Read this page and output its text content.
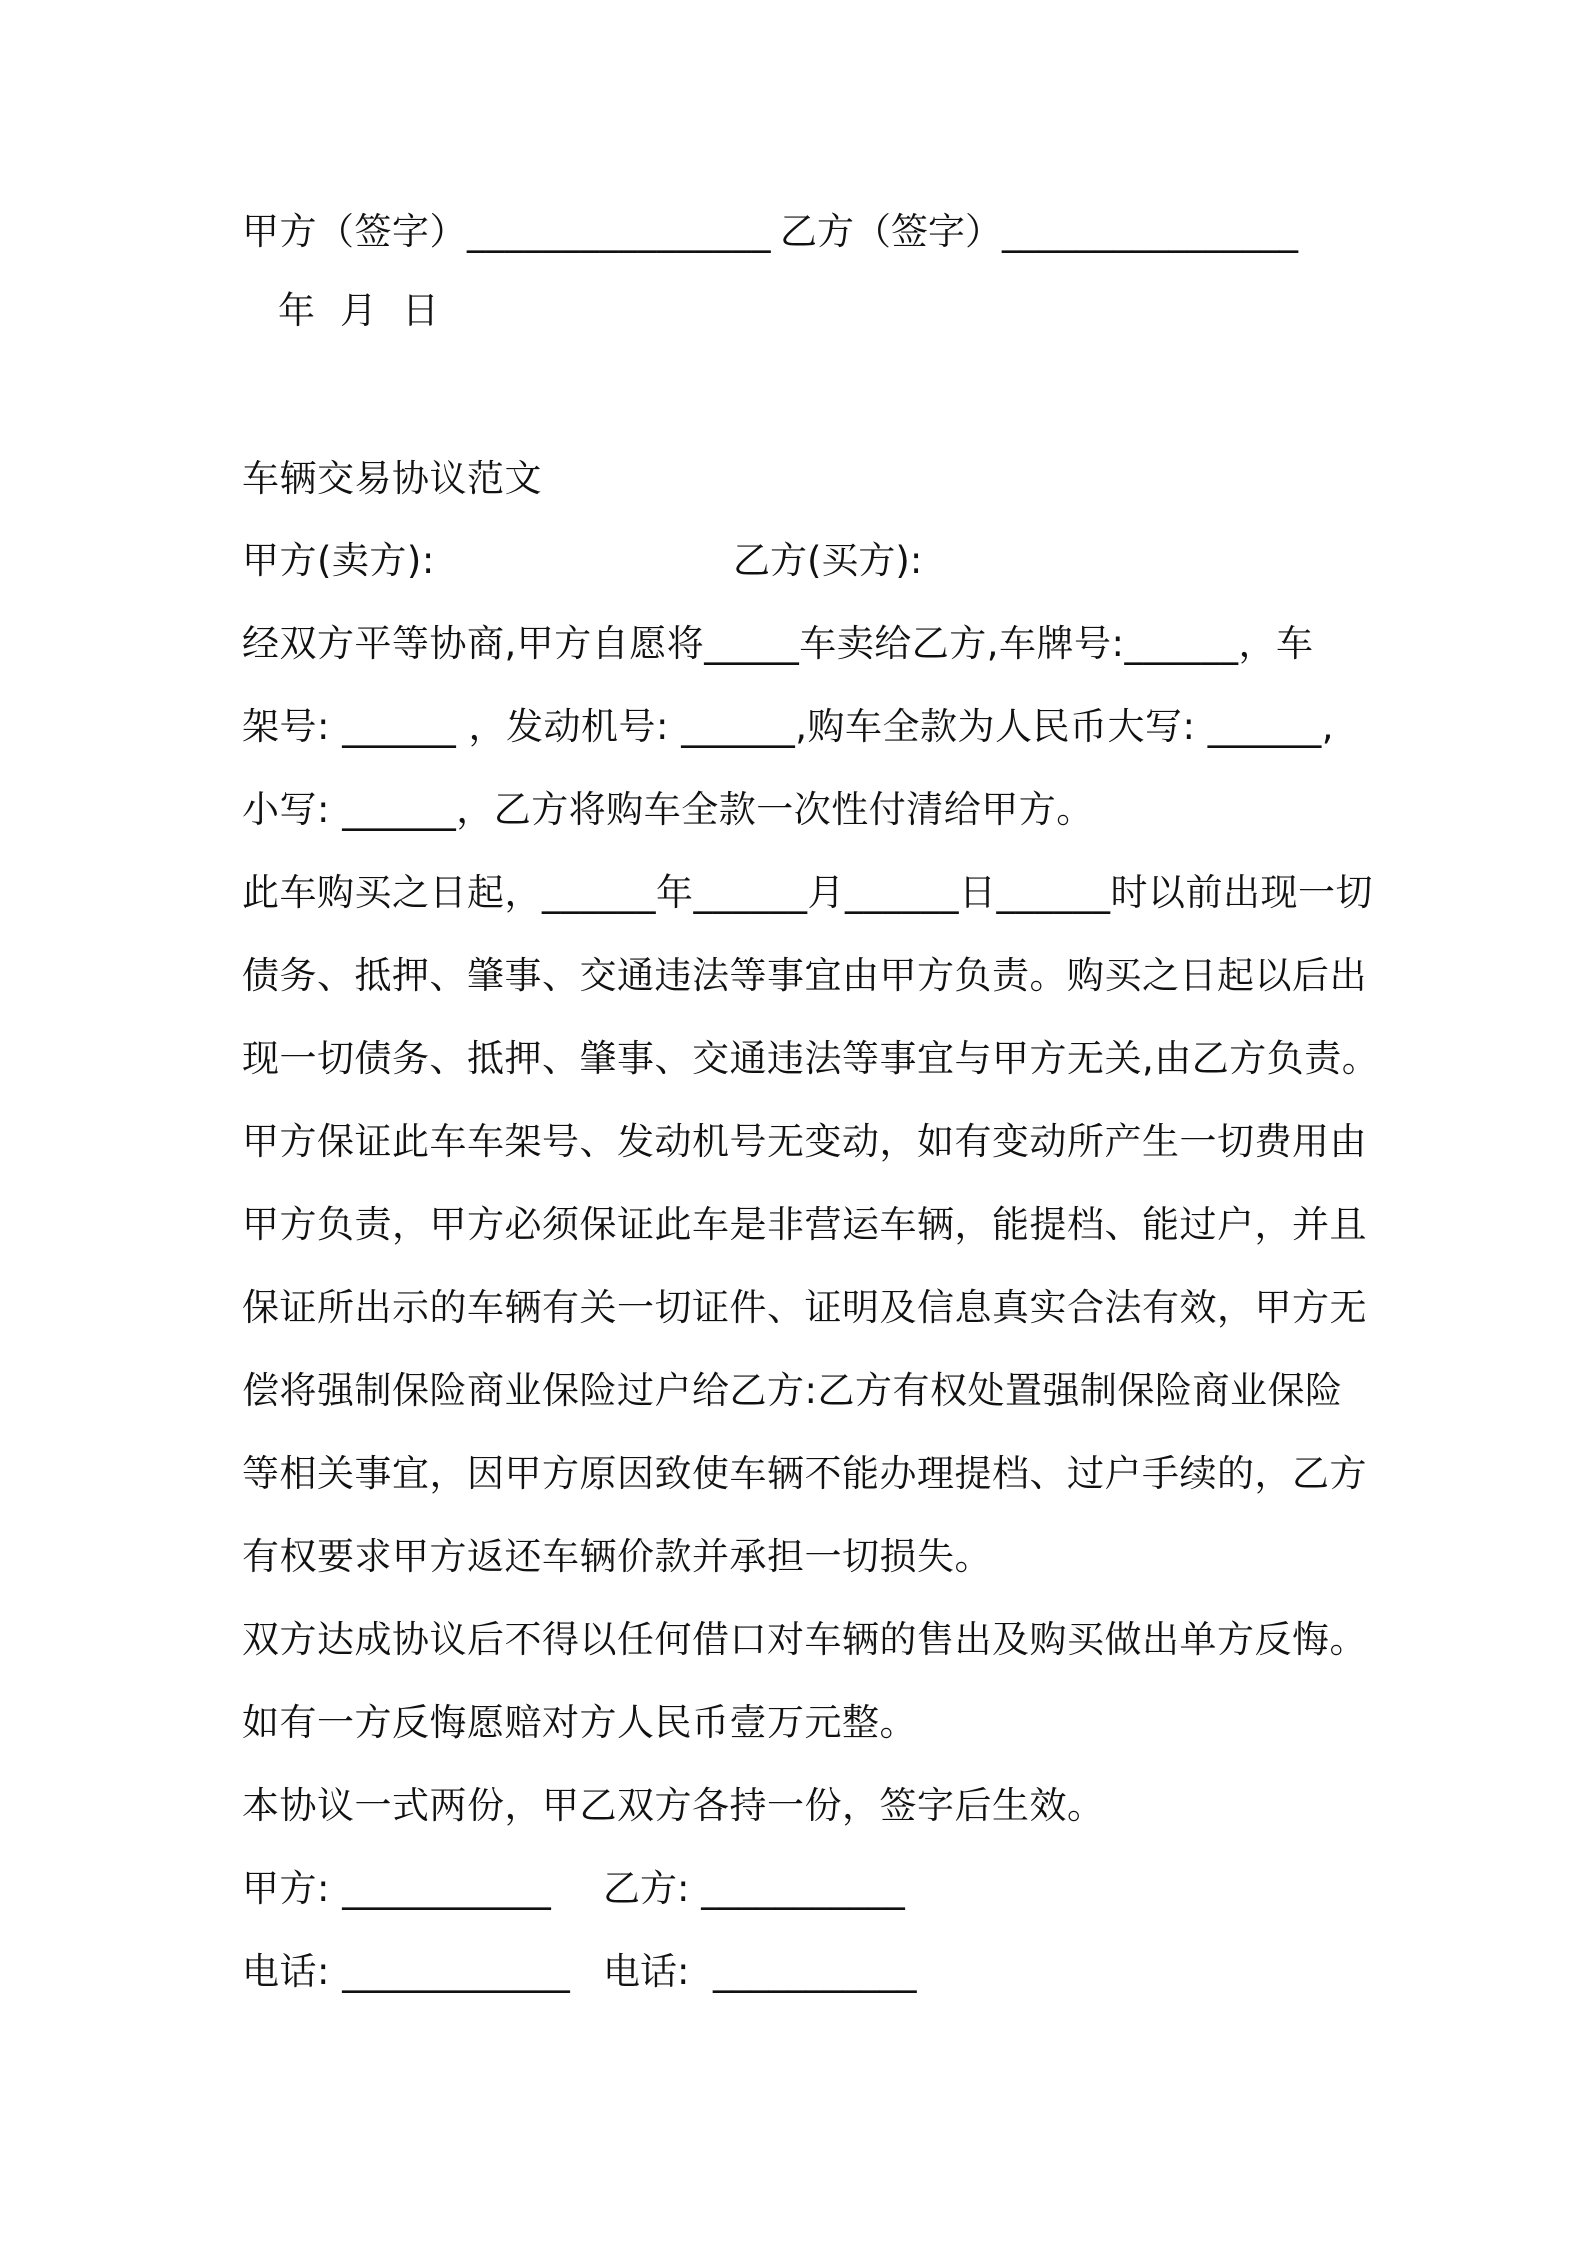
甲方（签字）________________ 乙方（签字）________________
年  月  日
车辆交易协议范文
甲方(卖方):	乙方(买方):
经双方平等协商,甲方自愿将_____车卖给乙方,车牌号:______，车
架号: ______ ，发动机号: ______,购车全款为人民币大写: ______,
小写: ______，乙方将购车全款一次性付清给甲方。
此车购买之日起，______年______月______日______时以前出现一切
债务、抵押、肇事、交通违法等事宜由甲方负责。购买之日起以后出
现一切债务、抵押、肇事、交通违法等事宜与甲方无关,由乙方负责。
甲方保证此车车架号、发动机号无变动，如有变动所产生一切费用由
甲方负责，甲方必须保证此车是非营运车辆，能提档、能过户，并且
保证所出示的车辆有关一切证件、证明及信息真实合法有效，甲方无
偿将强制保险商业保险过户给乙方:乙方有权处置强制保险商业保险
等相关事宜，因甲方原因致使车辆不能办理提档、过户手续的，乙方
有权要求甲方返还车辆价款并承担一切损失。
双方达成协议后不得以任何借口对车辆的售出及购买做出单方反悔。
如有一方反悔愿赔对方人民币壹万元整。
本协议一式两份，甲乙双方各持一份，签字后生效。
甲方: ___________ 乙方: ___________
电话: ____________ 电话:  ___________
